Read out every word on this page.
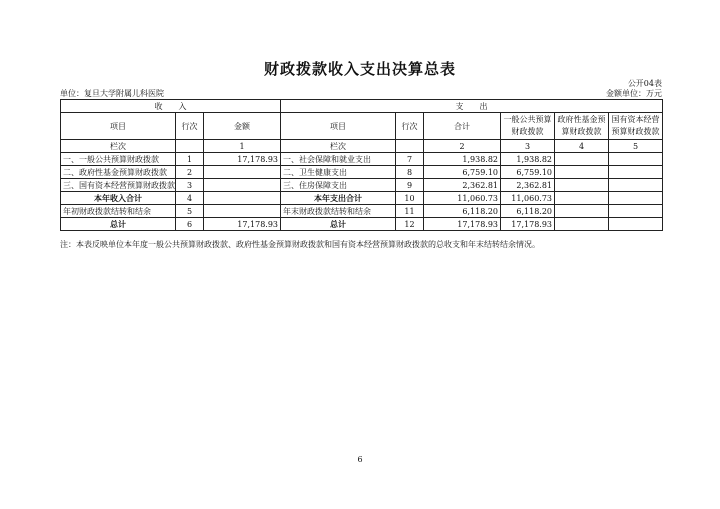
财政拨款收入支出决算总表
公开04表
单位：复旦大学附属儿科医院	金额单位：万元
收　　入			支　　出					
项目	行次	金额	项目	行次	合计	一般公共预算财政拨款	政府性基金预算财政拨款	国有资本经营预算财政拨款
栏次		1	栏次		2	3	4	5
一、一般公共预算财政拨款	1	17,178.93	一、社会保障和就业支出	7	1,938.82	1,938.82		
二、政府性基金预算财政拨款	2		二、卫生健康支出	8	6,759.10	6,759.10		
三、国有资本经营预算财政拨款	3		三、住房保障支出	9	2,362.81	2,362.81		
本年收入合计	4		本年支出合计	10	11,060.73	11,060.73		
年初财政拨款结转和结余	5		年末财政拨款结转和结余	11	6,118.20	6,118.20		
总计	6	17,178.93	总计	12	17,178.93	17,178.93		
注：本表反映单位本年度一般公共预算财政拨款、政府性基金预算财政拨款和国有资本经营预算财政拨款的总收支和年末结转结余情况。
6
